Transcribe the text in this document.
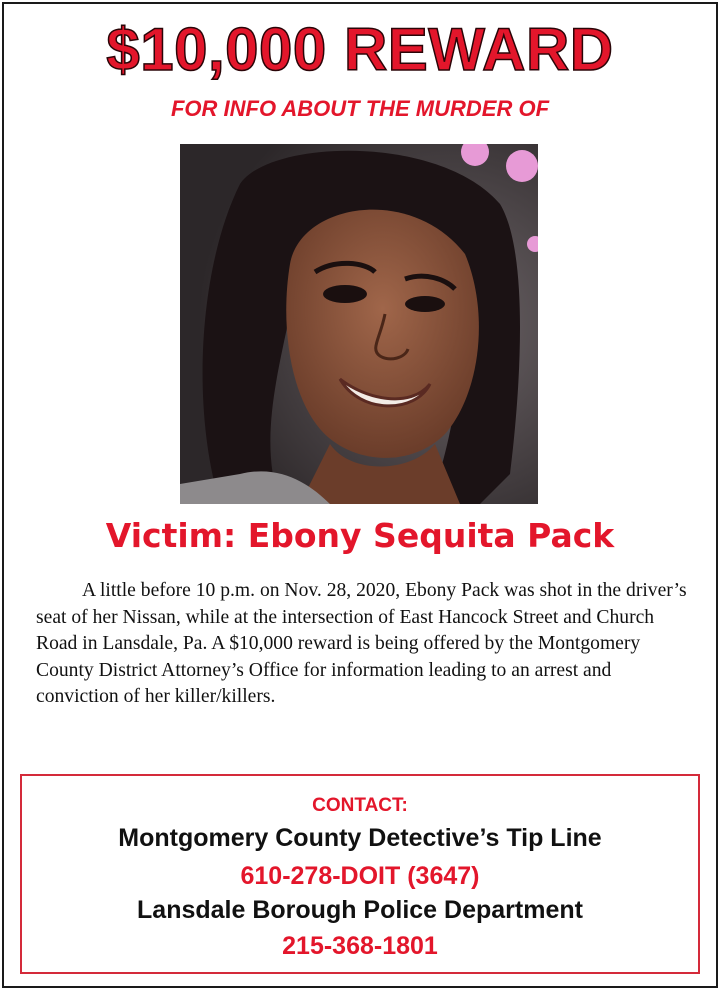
$10,000 REWARD
FOR INFO ABOUT THE MURDER OF
Victim: Ebony Sequita Pack

A little before 10 p.m. on Nov. 28, 2020, Ebony Pack was shot in the driver’s seat of her Nissan, while at the intersection of East Hancock Street and Church Road in Lansdale, Pa. A $10,000 reward is being offered by the Montgomery County District Attorney’s Office for information leading to an arrest and conviction of her killer/killers.

CONTACT:
Montgomery County Detective’s Tip Line
610-278-DOIT (3647)
Lansdale Borough Police Department
215-368-1801
